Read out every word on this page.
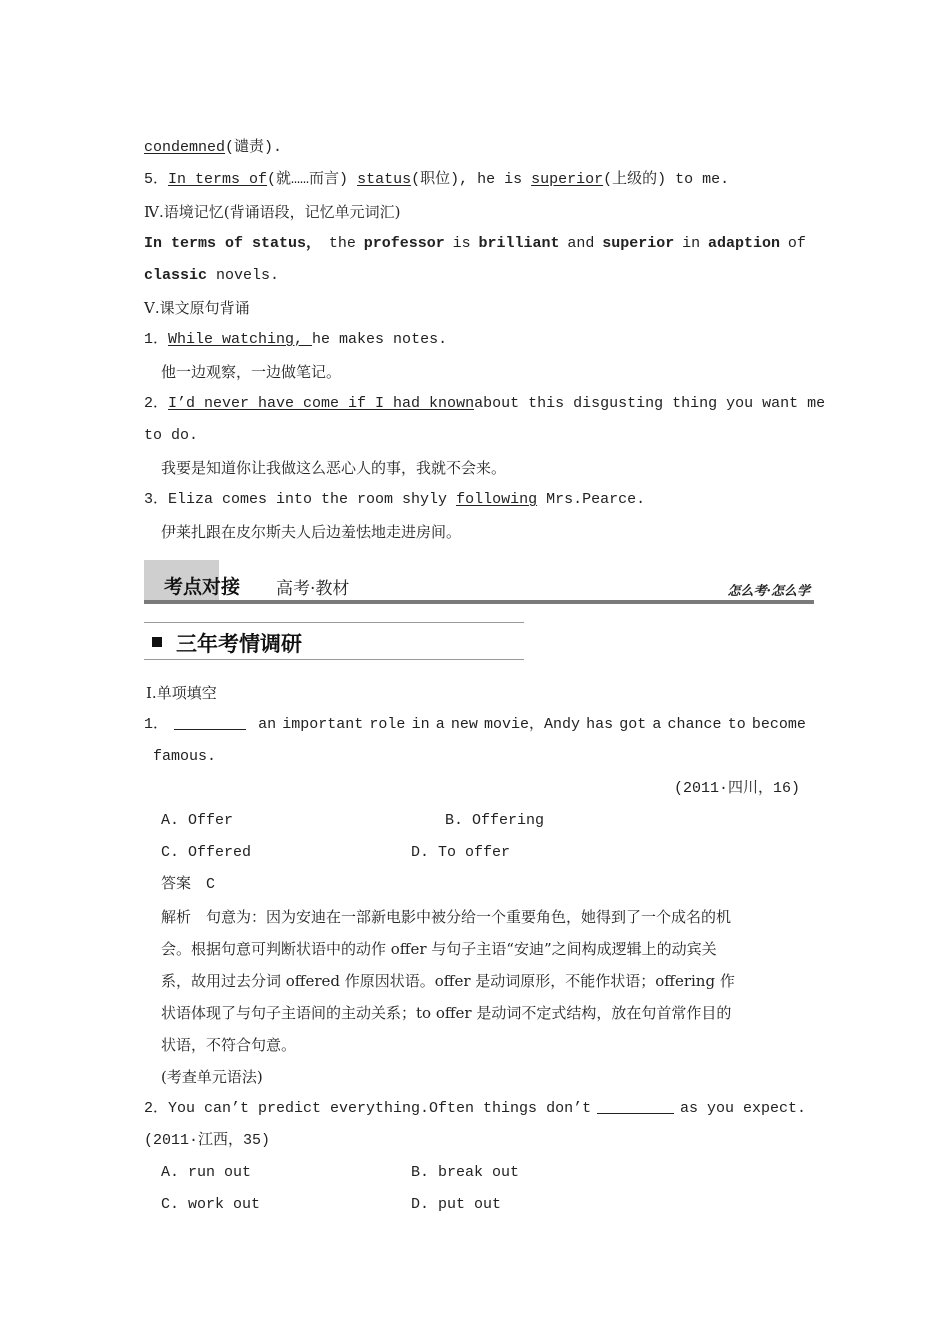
condemned(谴责).
5．In terms of(就……而言) status(职位), he is superior(上级的) to me.
Ⅳ.语境记忆(背诵语段，记忆单元词汇)
In terms of status， the professor is brilliant and superior in adaption of
classic novels.
Ⅴ.课文原句背诵
1．While watching, he makes notes.
他一边观察，一边做笔记。
2．I’d never have come if I had known about this disgusting thing you want me
to do.
我要是知道你让我做这么恶心人的事，我就不会来。
3．Eliza comes into the room shyly following Mrs.Pearce.
伊莱扎跟在皮尔斯夫人后边羞怯地走进房间。
考点对接 高考·教材	怎么考·怎么学
三年考情调研
Ⅰ.单项填空
1．	an important role in a new movie，Andy has got a chance to become
famous.
(2011·四川，16)
A. Offer	B. Offering
C. Offered	D. To offer
答案　C
解析　句意为：因为安迪在一部新电影中被分给一个重要角色，她得到了一个成名的机
会。根据句意可判断状语中的动作 offer 与句子主语“安迪”之间构成逻辑上的动宾关
系，故用过去分词 offered 作原因状语。offer 是动词原形，不能作状语；offering 作
状语体现了与句子主语间的主动关系；to offer 是动词不定式结构，放在句首常作目的
状语，不符合句意。
(考查单元语法)
2．You can’t predict everything.Often things don’t	as you expect.
(2011·江西，35)
A. run out	B. break out
C. work out	D. put out
